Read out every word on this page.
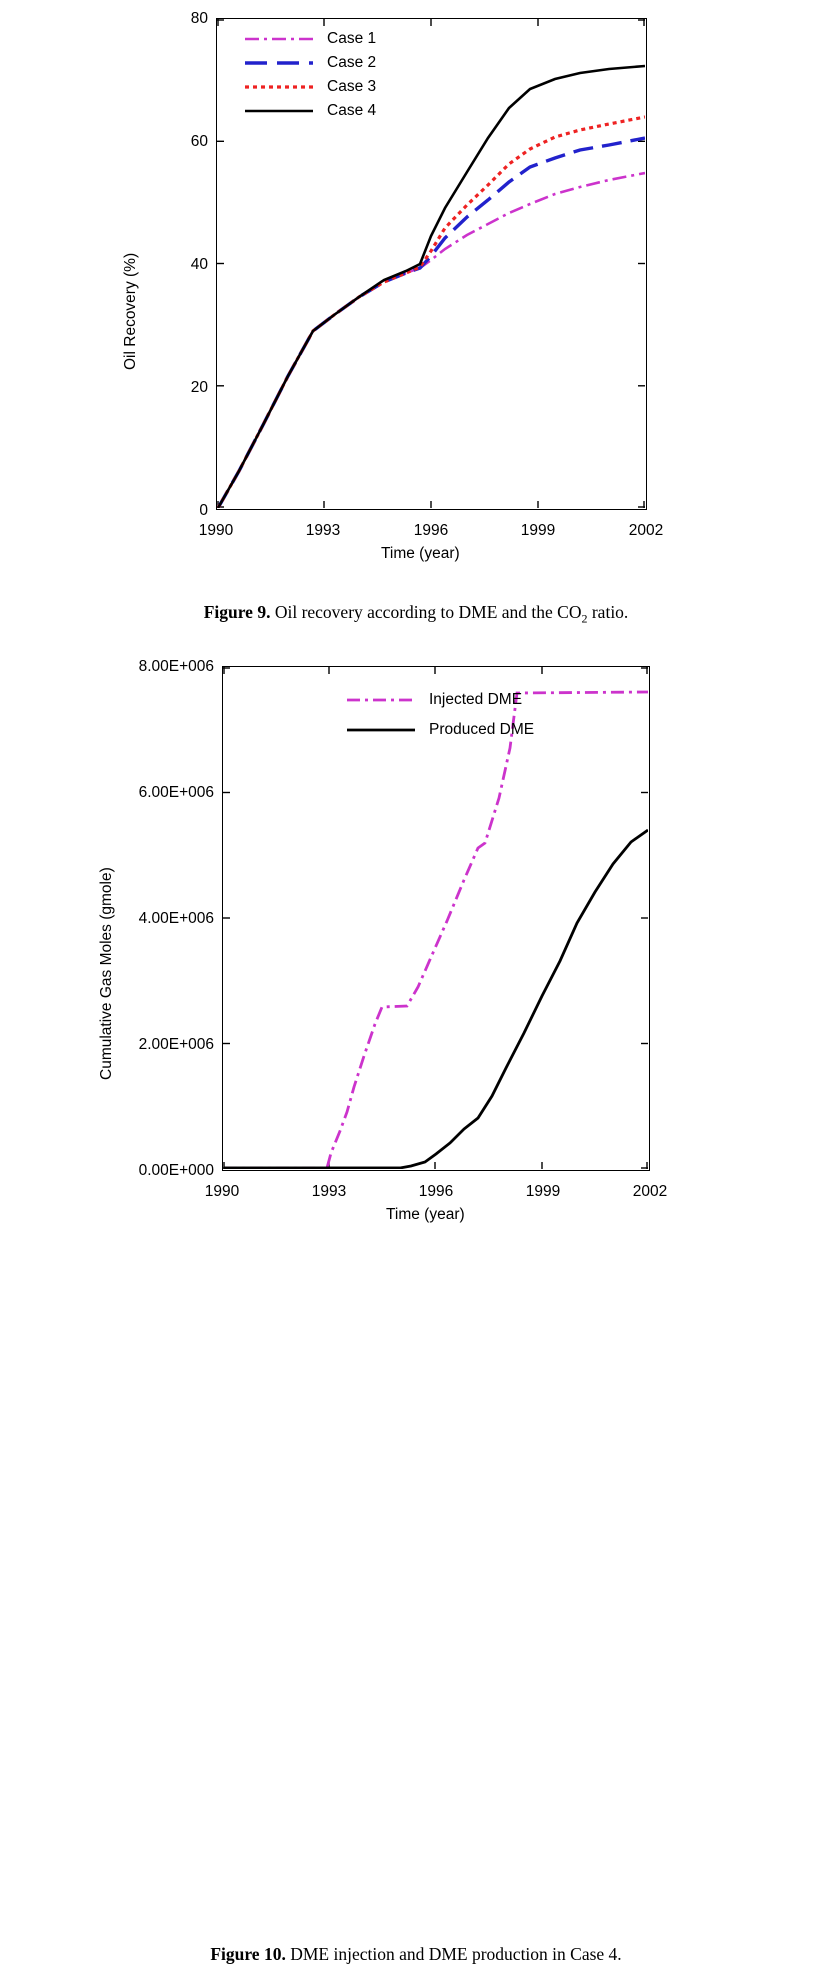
Oil Recovery (%)
0
20
40
60
80
1990	1993	1996	1999	2002
Time (year)
Case 1
Case 2
Case 3
Case 4
Figure 9. Oil recovery according to DME and the $CO_2$ ratio.
Cumulative Gas Moles (gmole)
0.00E+000
2.00E+006
4.00E+006
6.00E+006
8.00E+006
1990	1993	1996	1999	2002
Time (year)
Injected DME
Produced DME
Figure 10. DME injection and DME production in Case 4.
